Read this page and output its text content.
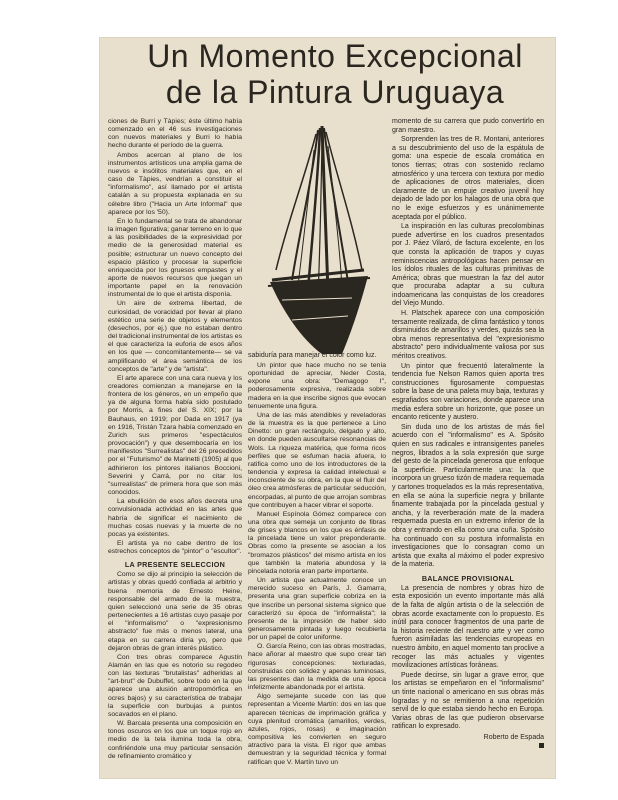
Un Momento Excepcional
de la Pintura Uruguaya

ciones de Burri y Tàpies; éste último había comenzado en el 46 sus investigaciones con nuevos materiales y Burri lo había hecho durante el período de la guerra.

Ambos acercan al plano de los instrumentos artísticos una amplia gama de nuevos e insólitos materiales que, en el caso de Tàpies, vendrían a constituir el "informalismo", así llamado por el artista catalán a su propuesta explanada en su célebre libro ("Hacia un Arte Informal" que aparece por los '50).

En lo fundamental se trata de abandonar la imagen figurativa; ganar terreno en lo que a las posibilidades de la expresividad por medio de la generosidad material es posible; estructurar un nuevo concepto del espacio plástico y procesar la superficie enriquecida por los gruesos empastes y el aporte de nuevos recursos que juegan un importante papel en la renovación instrumental de lo que el artista disponía.

Un aire de extrema libertad, de curiosidad, de voracidad por llevar al plano estético una serie de objetos y elementos (desechos, por ej.) que no estaban dentro del tradicional instrumental de los artistas es el que caracteriza la euforia de esos años en los que — concomitantemente— se va amplificando el área semántica de los conceptos de "arte" y de "artista".

El arte aparece con una cara nueva y los creadores comienzan a manejarse en la frontera de los géneros, en un empeño que ya de alguna forma había sido postulado por Morris, a fines del S. XIX; por la Bauhaus, en 1919; por Dada en 1917 (ya en 1916, Tristán Tzara había comenzado en Zurich sus primeros "espectáculos provocación") y que desembocaría en los manifiestos "Surrealistas" del 26 precedidos por el "Futurismo" de Marinetti (1905) al que adhirieron los pintores italianos Boccioni, Severini y Carrá, por no citar los "surrealistas" de primera hora que son más conocidos.

La ebullición de esos años decreta una convulsionada actividad en las artes que habría de significar el nacimiento de muchas cosas nuevas y la muerte de no pocas ya existentes.

El artista ya no cabe dentro de los estrechos conceptos de "pintor" o "escultor".

LA PRESENTE SELECCION

Como se dijo al principio la selección de artistas y obras quedó confiada al arbitrio y buena memoria de Ernesto Heine, responsable del armado de la muestra, quien seleccionó una serie de 35 obras pertenecientes a 16 artistas cuyo pasaje por el "informalismo" o "expresionismo abstracto" fue más o menos lateral, una etapa en su carrera diría yo, pero que dejaron obras de gran interés plástico.

Con tres obras comparece Agustín Alamán en las que es notorio su regodeo con las texturas "brutalistas" adheridas al "art-brut" de Dubuffet, sobre todo en la que aparece una alusión antropomórfica en ocres bajos) y su característica de trabajar la superficie con burbujas a puntos socavados en el plano.

W. Barcala presenta una composición en tonos oscuros en los que un toque rojo en medio de la tela ilumina toda la obra, confiriéndole una muy particular sensación de refinamiento cromático y

sabiduría para manejar el color como luz.

Un pintor que hace mucho no se tenía oportunidad de apreciar, Neder Costa, expone una obra: "Demagogo I", poderosamente expresiva, realizada sobre madera en la que inscribe signos que evocan tenuemente una figura.

Una de las más atendibles y reveladoras de la muestra es la que pertenece a Lino Dinetto: un gran rectángulo, delgado y alto, en donde pueden auscultarse resonancias de Wols. La riqueza matérica, que forma ricos perfiles que se esfuman hacia afuera, lo ratifica como uno de los introductores de la tendencia y expresa la calidad intelectual e inconsciente de su obra, en la que el fluir del óleo crea atmósferas de particular seducción, encorpadas, al punto de que arrojan sombras que contribuyen a hacer vibrar el soporte.

Manuel Espínola Gómez comparece con una obra que semeja un conjunto de fibras de grises y blancos en los que es énfasis de la pincelada tiene un valor preponderante. Obras como la presente se asocian a los "bromazos plásticos" del mismo artista en los que también la materia abundosa y la pincelada notoria eran parte importante.

Un artista que actualmente conoce un merecido suceso en París, J. Gamarra, presenta una gran superficie cobriza en la que inscribe un personal sistema sígnico que caracterizó su época de "informalista"; la presente de la impresión de haber sido generosamente pintada y luego recubierta por un papel de color uniforme.

O. García Reino, con las obras mostradas, hace añorar al maestro que supo crear tan rigurosas concepciones: texturadas, construidas con solidez y apenas luminosas, las presentes dan la medida de una época infelizmente abandonada por el artista.

Algo semejante sucede con las que representan a Vicente Martín: dos en las que aparecen técnicas de imprimación gráfica y cuya plenitud cromática (amarillos, verdes, azules, rojos, rosas) e imaginación compositiva les convierten en seguro atractivo para la vista. El rigor que ambas demuestran y la seguridad técnica y formal ratifican que V. Martín tuvo un

momento de su carrera que pudo convertirlo en gran maestro.

Sorprenden las tres de R. Montani, anteriores a su descubrimiento del uso de la espátula de goma: una especie de escala cromática en tonos tierras; otras con sostenido reclamo atmosférico y una tercera con textura por medio de aplicaciones de otros materiales, dicen claramente de un empuje creativo juvenil hoy dejado de lado por los halagos de una obra que no le exige esfuerzos y es unánimemente aceptada por el público.

La inspiración en las culturas precolombinas puede advertirse en los cuadros presentados por J. Páez Vilaró, de factura excelente, en los que consta la aplicación de trapos y cuyas reminiscencias antropológicas hacen pensar en los ídolos rituales de las culturas primitivas de América; obras que muestran la faz del autor que procuraba adaptar a su cultura indoamericana las conquistas de los creadores del Viejo Mundo.

H. Platschek aparece con una composición tersamente realizada, de clima fantástico y tonos disminuidos de amarillos y verdes, quizás sea la obra menos representativa del "expresionismo abstracto" pero individualmente valiosa por sus méritos creativos.

Un pintor que frecuentó lateralmente la tendencia fue Nelson Ramos quien aporta tres construcciones figurosamente compuestas sobre la base de una paleta muy baja, texturas y esgrafiados son variaciones, donde aparece una media esfera sobre un horizonte, que posee un encanto reticente y austero.

Sin duda uno de los artistas de más fiel acuerdo con el "informalismo" es A. Spósito quien en sus radicales e intransigentes paneles negros, librados a la sola expresión que surge del gesto de la pincelada generosa que enfoque la superficie. Particularmente una: la que incorpora un grueso tizón de madera requemada y cartones troquelados es la más representativa, en ella se aúna la superficie negra y brillante finamente trabajada por la pincelada gestual y ancha, y la reverberación mate de la madera requemada puesta en un extremo inferior de la obra y entrando en ella como una cuña. Spósito ha continuado con su postura informalista en investigaciones que lo consagran como un artista que exalta al máximo el poder expresivo de la materia.

BALANCE PROVISIONAL

La presencia de nombres y obras hizo de esta exposición un evento importante más allá de la falta de algún artista o de la selección de obras acorde exactamente con lo propuesto. Es inútil para conocer fragmentos de una parte de la historia reciente del nuestro arte y ver como fueron asimiladas las tendencias europeas en nuestro ámbito, en aquel momento tan proclive a recoger las más actuales y vigentes movilizaciones artísticas foráneas.

Puede decirse, sin lugar a grave error, que los artistas se empeñaron en el "informalismo" un tinte nacional o americano en sus obras más logradas y no se remitieron a una repetición servil de lo que estaba siendo hecho en Europa. Varias obras de las que pudieron observarse ratifican lo expresado.

Roberto de Espada
